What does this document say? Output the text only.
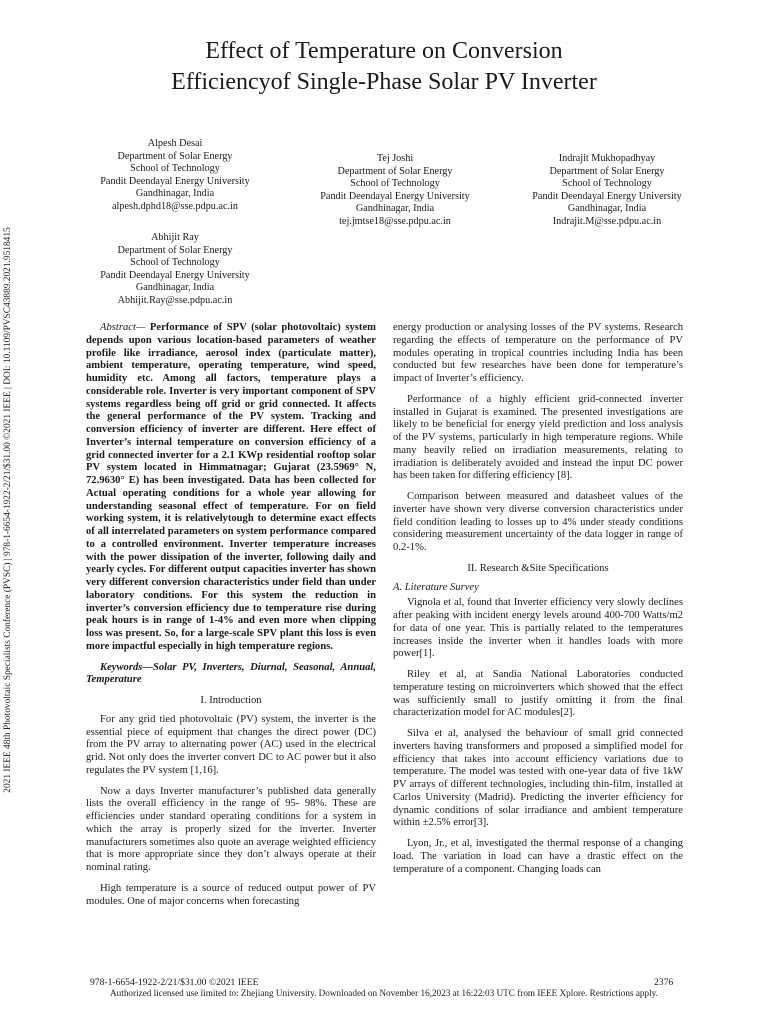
Effect of Temperature on Conversion
Efficiencyof Single-Phase Solar PV Inverter
Alpesh Desai
Department of Solar Energy
School of Technology
Pandit Deendayal Energy University
Gandhinagar, India
alpesh.dphd18@sse.pdpu.ac.in
Tej Joshi
Department of Solar Energy
School of Technology
Pandit Deendayal Energy University
Gandhinagar, India
tej.jmtse18@sse.pdpu.ac.in
Indrajit Mukhopadhyay
Department of Solar Energy
School of Technology
Pandit Deendayal Energy University
Gandhinagar, India
Indrajit.M@sse.pdpu.ac.in
Abhijit Ray
Department of Solar Energy
School of Technology
Pandit Deendayal Energy University
Gandhinagar, India
Abhijit.Ray@sse.pdpu.ac.in
2021 IEEE 48th Photovoltaic Specialists Conference (PVSC) | 978-1-6654-1922-2/21/$31.00 ©2021 IEEE | DOI: 10.1109/PVSC43889.2021.9518415	Abstract— Performance of SPV (solar photovoltaic) system depends upon various location-based parameters of weather profile like irradiance, aerosol index (particulate matter), ambient temperature, operating temperature, wind speed, humidity etc. Among all factors, temperature plays a considerable role. Inverter is very important component of SPV systems regardless being off grid or grid connected. It affects the general performance of the PV system. Tracking and conversion efficiency of inverter are different. Here effect of Inverter’s internal temperature on conversion efficiency of a grid connected inverter for a 2.1 KWp residential rooftop solar PV system located in Himmatnagar; Gujarat (23.5969° N, 72.9630° E) has been investigated. Data has been collected for Actual operating conditions for a whole year allowing for understanding seasonal effect of temperature. For on field working system, it is relativelytough to determine exact effects of all interrelated parameters on system performance compared to a controlled environment. Inverter temperature increases with the power dissipation of the inverter, following daily and yearly cycles. For different output capacities inverter has shown very different conversion characteristics under field than under laboratory conditions. For this system the reduction in inverter’s conversion efficiency due to temperature rise during peak hours is in range of 1-4% and even more when clipping loss was present. So, for a large-scale SPV plant this loss is even more impactful especially in high temperature regions.

Keywords—Solar PV, Inverters, Diurnal, Seasonal, Annual, Temperature

I. Introduction

For any grid tied photovoltaic (PV) system, the inverter is the essential piece of equipment that changes the direct power (DC) from the PV array to alternating power (AC) used in the electrical grid. Not only does the inverter convert DC to AC power but it also regulates the PV system [1,16].

Now a days Inverter manufacturer’s published data generally lists the overall efficiency in the range of 95- 98%. These are efficiencies under standard operating conditions for a system in which the array is properly sized for the inverter. Inverter manufacturers sometimes also quote an average weighted efficiency that is more appropriate since they don’t always operate at their nominal rating.

High temperature is a source of reduced output power of PV modules. One of major concerns when forecasting

energy production or analysing losses of the PV systems. Research regarding the effects of temperature on the performance of PV modules operating in tropical countries including India has been conducted but few researches have been done for temperature’s impact of Inverter’s efficiency.

Performance of a highly efficient grid-connected inverter installed in Gujarat is examined. The presented investigations are likely to be beneficial for energy yield prediction and loss analysis of the PV systems, particularly in high temperature regions. While many heavily relied on irradiation measurements, relating to irradiation is deliberately avoided and instead the input DC power has been taken for differing efficiency [8].

Comparison between measured and datasheet values of the inverter have shown very diverse conversion characteristics under field condition leading to losses up to 4% under steady conditions considering measurement uncertainty of the data logger in range of 0.2-1%.

II. Research &Site Specifications
A. Literature Survey

Vignola et al, found that Inverter efficiency very slowly declines after peaking with incident energy levels around 400-700 Watts/m2 for data of one year. This is partially related to the temperatures increases inside the inverter when it handles loads with more power[1].

Riley et al, at Sandia National Laboratories conducted temperature testing on microinverters which showed that the effect was sufficiently small to justify omitting it from the final characterization model for AC modules[2].

Silva et al, analysed the behaviour of small grid connected inverters having transformers and proposed a simplified model for efficiency that takes into account efficiency variations due to temperature. The model was tested with one-year data of five 1kW PV arrays of different technologies, including thin-film, installed at Carlos University (Madrid). Predicting the inverter efficiency for dynamic conditions of solar irradiance and ambient temperature within ±2.5% error[3].

Lyon, Jr., et al, investigated the thermal response of a changing load. The variation in load can have a drastic effect on the temperature of a component. Changing loads can

978-1-6654-1922-2/21/$31.00 ©2021 IEEE	2376
Authorized licensed use limited to: Zhejiang University. Downloaded on November 16,2023 at 16:22:03 UTC from IEEE Xplore. Restrictions apply.
